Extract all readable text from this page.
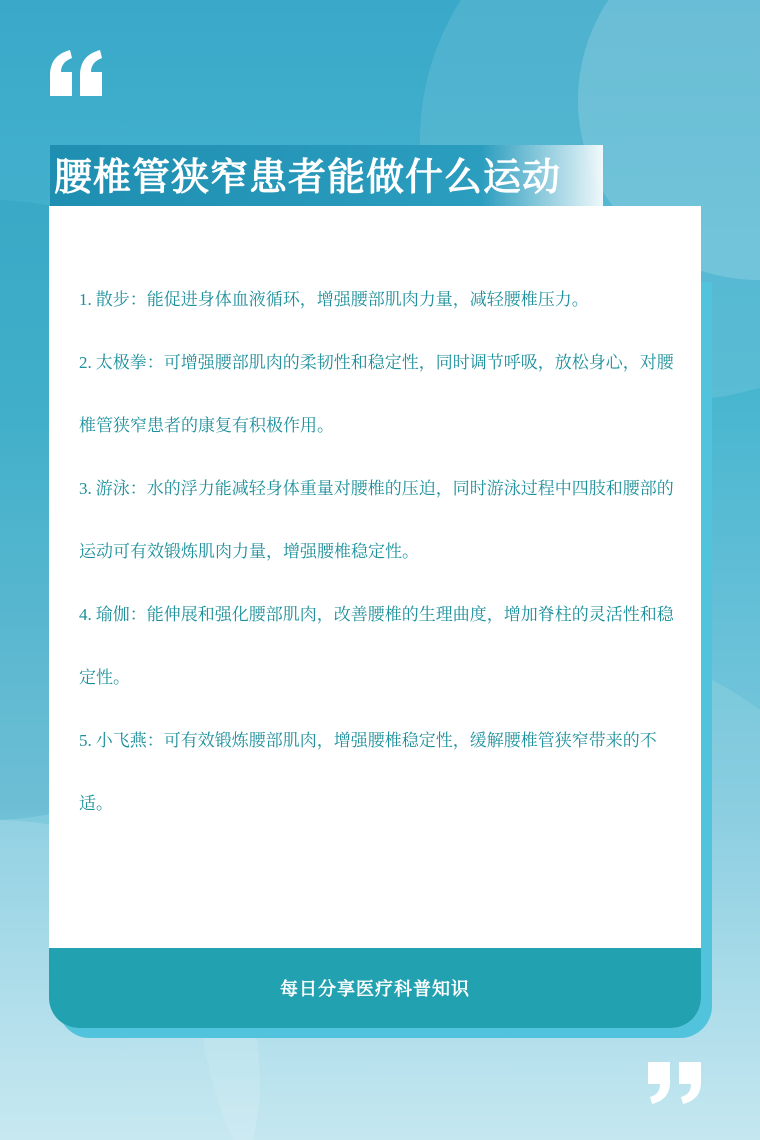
腰椎管狭窄患者能做什么运动

1. 散步：能促进身体血液循环，增强腰部肌肉力量，减轻腰椎压力。

2. 太极拳：可增强腰部肌肉的柔韧性和稳定性，同时调节呼吸，放松身心，对腰椎管狭窄患者的康复有积极作用。

3. 游泳：水的浮力能减轻身体重量对腰椎的压迫，同时游泳过程中四肢和腰部的运动可有效锻炼肌肉力量，增强腰椎稳定性。

4. 瑜伽：能伸展和强化腰部肌肉，改善腰椎的生理曲度，增加脊柱的灵活性和稳定性。

5. 小飞燕：可有效锻炼腰部肌肉，增强腰椎稳定性，缓解腰椎管狭窄带来的不适。

每日分享医疗科普知识
